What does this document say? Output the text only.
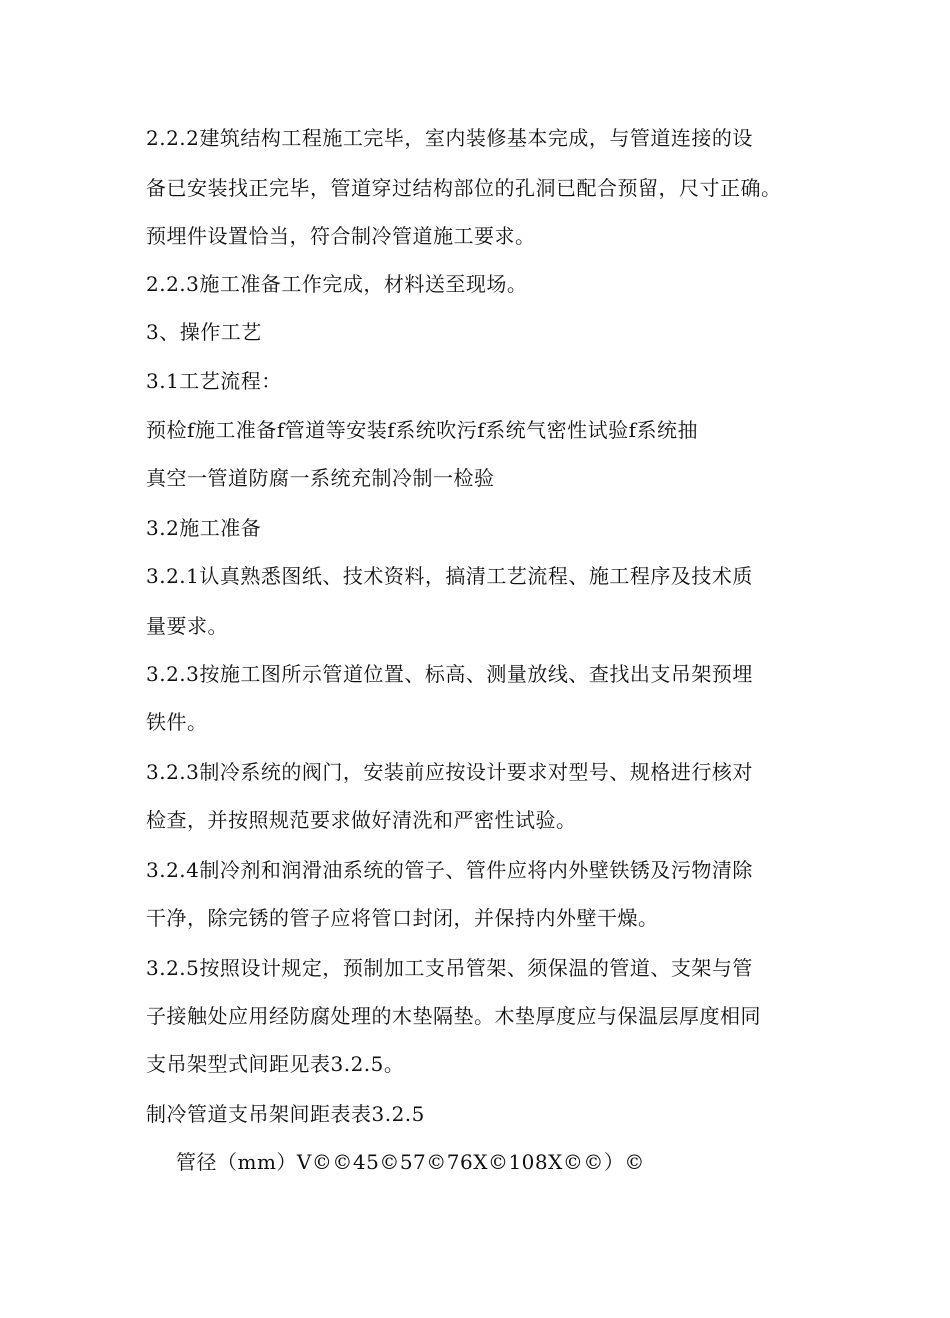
2.2.2建筑结构工程施工完毕，室内装修基本完成，与管道连接的设
备已安装找正完毕，管道穿过结构部位的孔洞已配合预留，尺寸正确。
预埋件设置恰当，符合制冷管道施工要求。
2.2.3施工准备工作完成，材料送至现场。
3、操作工艺
3.1工艺流程：
预检f施工准备f管道等安装f系统吹污f系统气密性试验f系统抽
真空一管道防腐一系统充制冷制一检验
3.2施工准备
3.2.1认真熟悉图纸、技术资料，搞清工艺流程、施工程序及技术质
量要求。
3.2.3按施工图所示管道位置、标高、测量放线、查找出支吊架预埋
铁件。
3.2.3制冷系统的阀门，安装前应按设计要求对型号、规格进行核对
检查，并按照规范要求做好清洗和严密性试验。
3.2.4制冷剂和润滑油系统的管子、管件应将内外壁铁锈及污物清除
干净，除完锈的管子应将管口封闭，并保持内外壁干燥。
3.2.5按照设计规定，预制加工支吊管架、须保温的管道、支架与管
子接触处应用经防腐处理的木垫隔垫。木垫厚度应与保温层厚度相同
支吊架型式间距见表3.2.5。
制冷管道支吊架间距表表3.2.5
管径（mm）V©©45©57©76X©108X©©）©
